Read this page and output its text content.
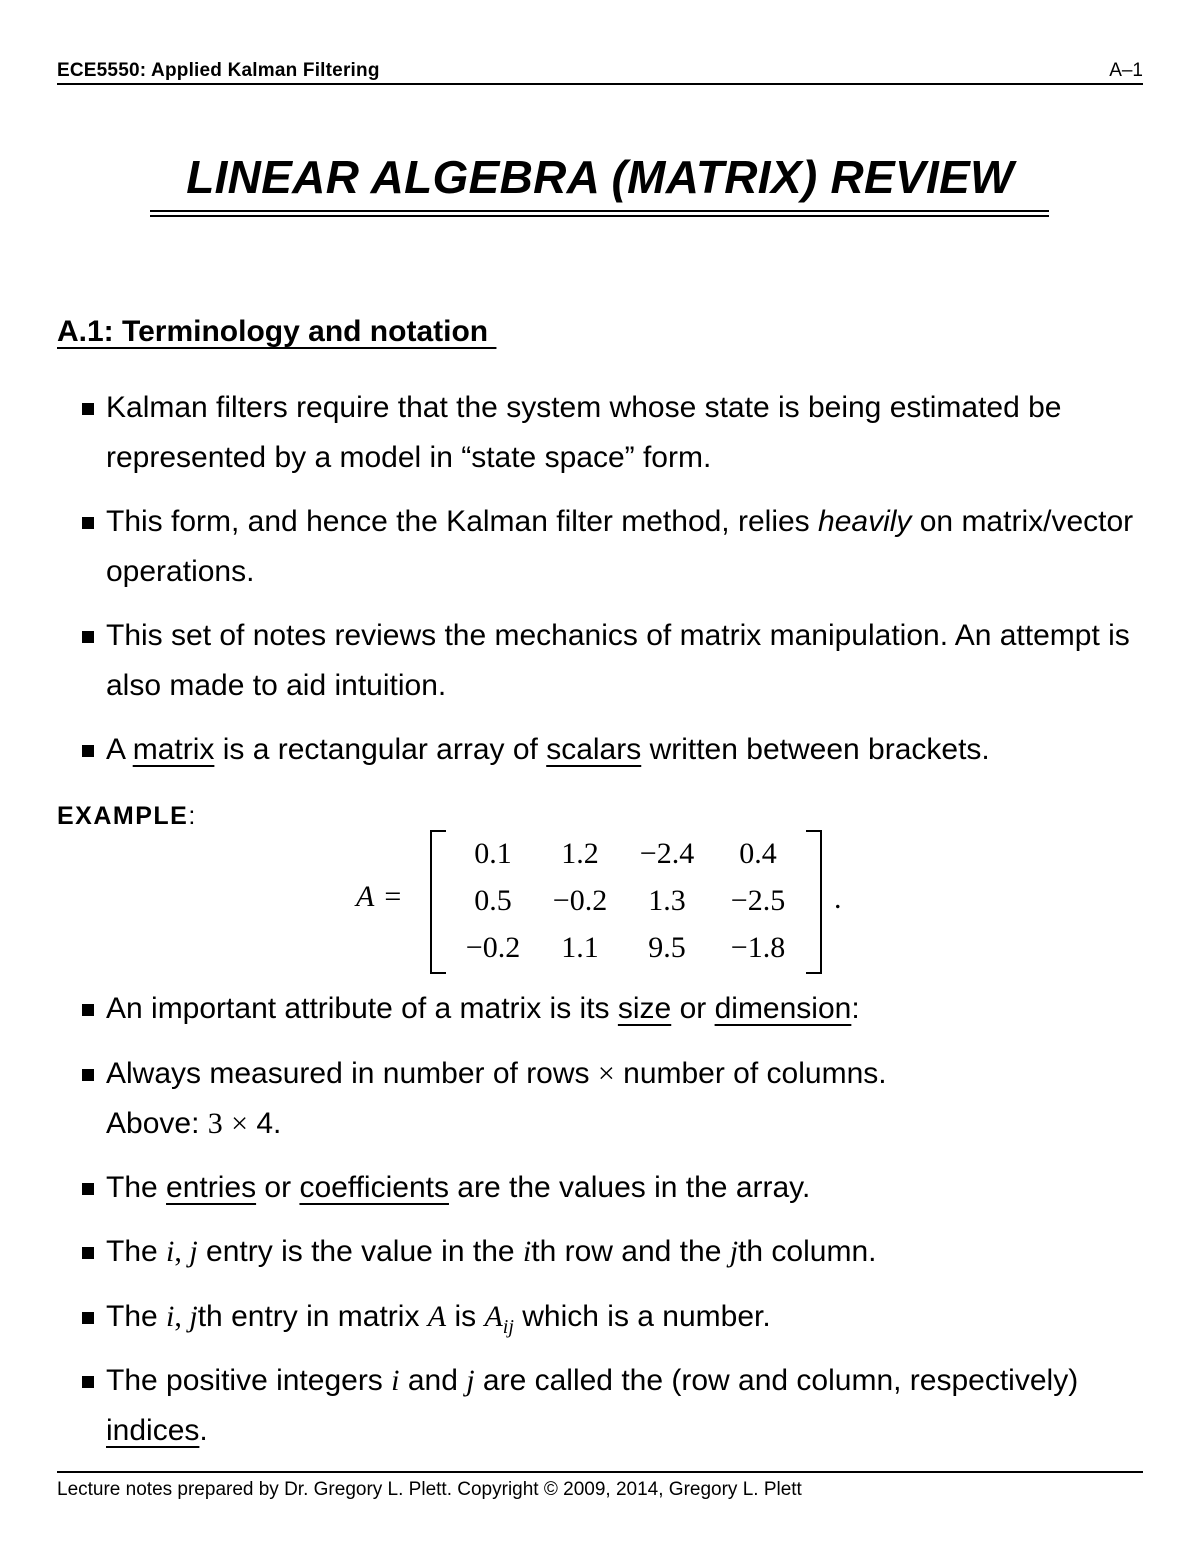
ECE5550: Applied Kalman Filtering	A–1
LINEAR ALGEBRA (MATRIX) REVIEW
A.1: Terminology and notation
Kalman filters require that the system whose state is being estimated be represented by a model in “state space” form.
This form, and hence the Kalman filter method, relies heavily on matrix/vector operations.
This set of notes reviews the mechanics of matrix manipulation. An attempt is also made to aid intuition.
A matrix is a rectangular array of scalars written between brackets.
EXAMPLE:
A =
0.1	1.2	−2.4	0.4
0.5	−0.2	1.3	−2.5
−0.2	1.1	9.5	−1.8
.
An important attribute of a matrix is its size or dimension:
Always measured in number of rows × number of columns.
Above: 3 × 4.
The entries or coefficients are the values in the array.
The i, j entry is the value in the ith row and the jth column.
The i, jth entry in matrix A is $A_{ij}$ which is a number.
The positive integers i and j are called the (row and column, respectively) indices.
Lecture notes prepared by Dr. Gregory L. Plett. Copyright © 2009, 2014, Gregory L. Plett
